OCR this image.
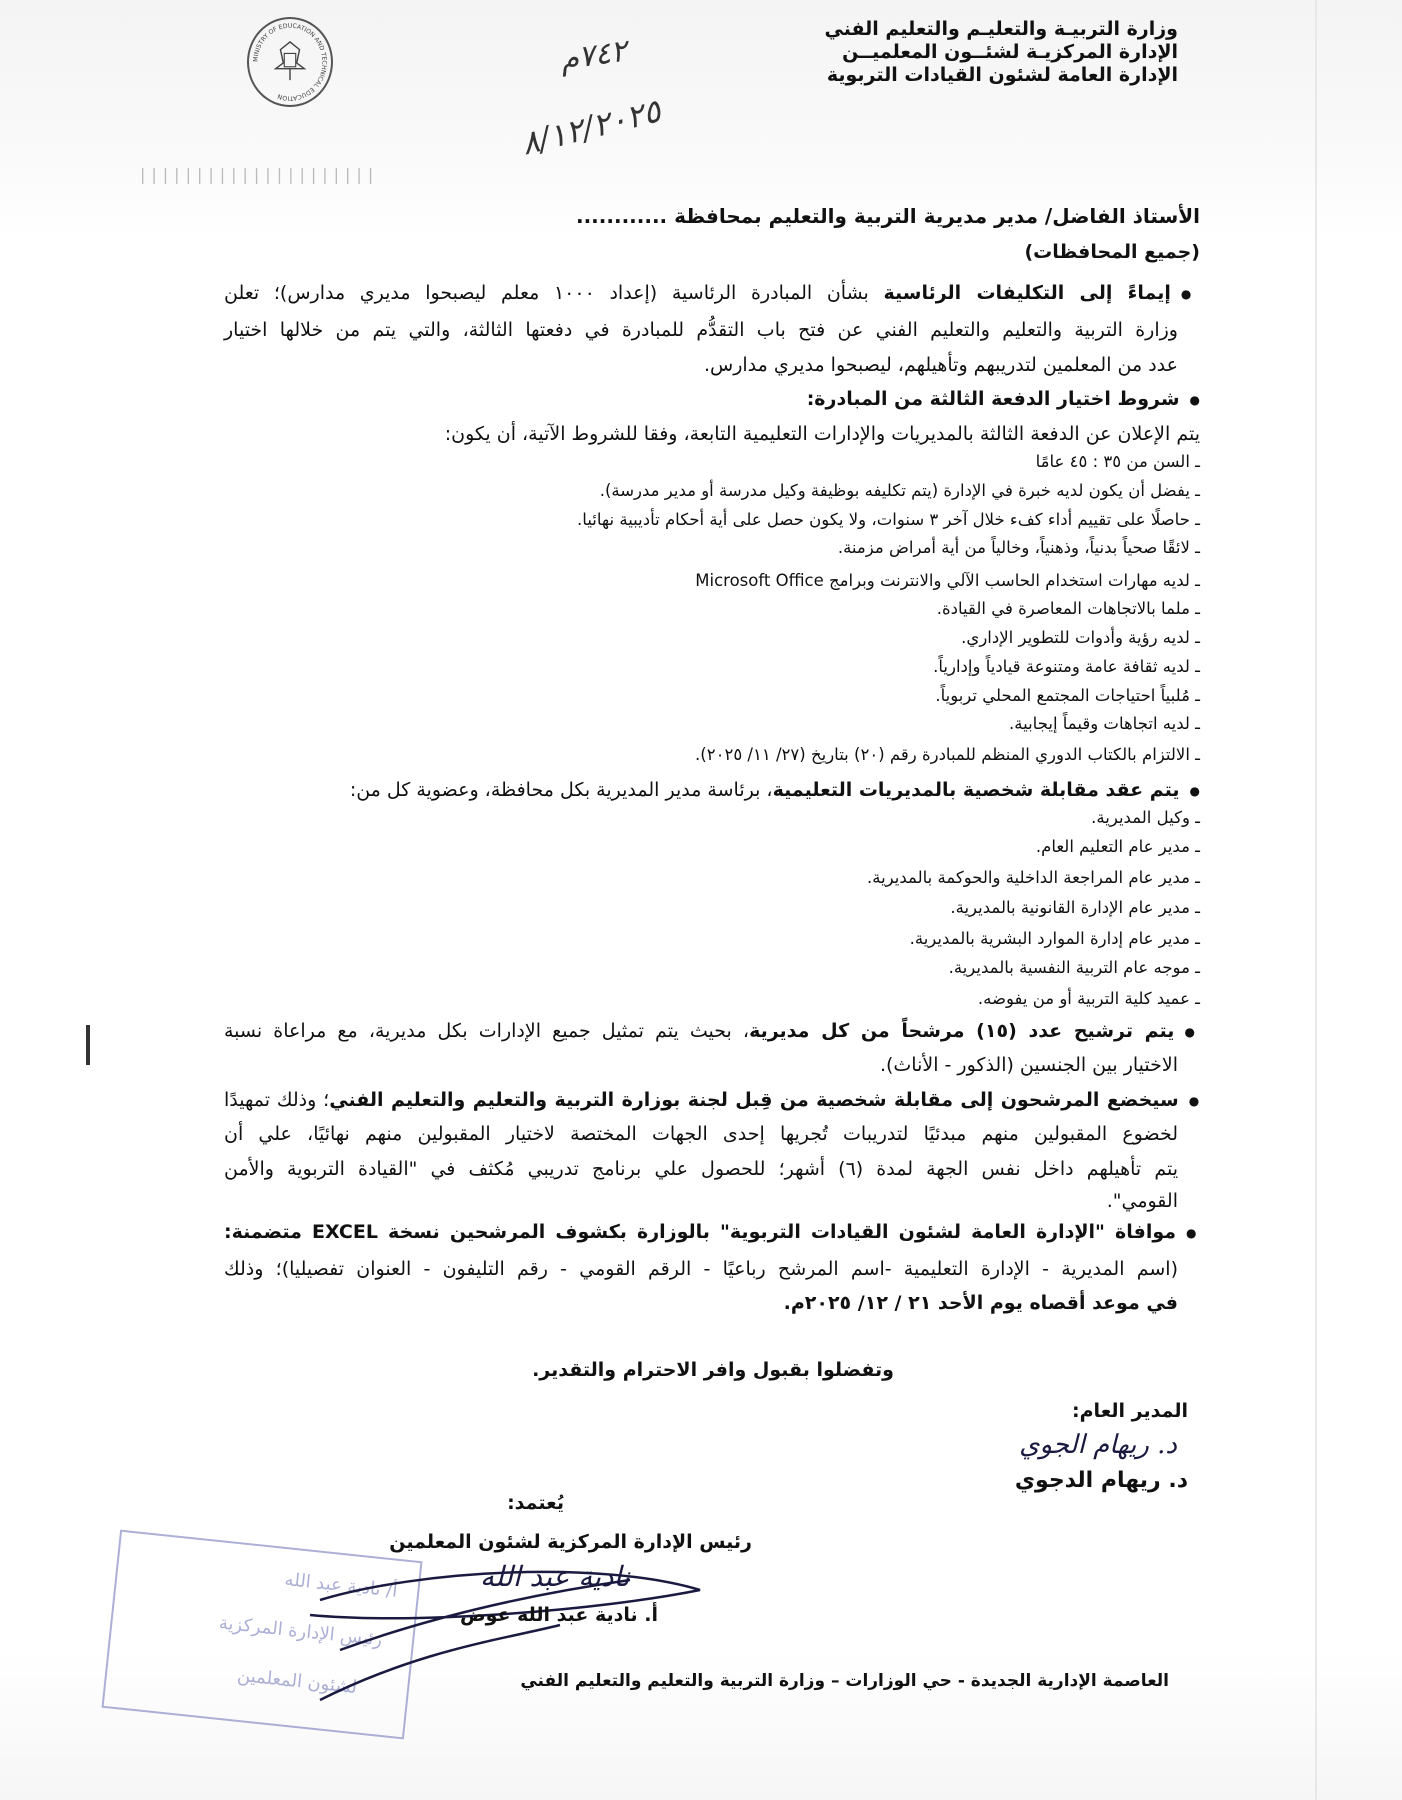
وزارة التربيـة والتعليـم والتعليم الفني
الإدارة المركزيـة لشئــون المعلميــن
الإدارة العامة لشئون القيادات التربوية
MINISTRY OF EDUCATION AND TECHNICAL EDUCATION
٧٤٢م
٨/١٢/٢٠٢٥
|||||||||||||||||||||
الأستاذ الفاضل/ مدير مديرية التربية والتعليم بمحافظة ............
(جميع المحافظات)
● إيماءً إلى التكليفات الرئاسية بشأن المبادرة الرئاسية (إعداد ١٠٠٠ معلم ليصبحوا مديري مدارس)؛ تعلن
وزارة التربية والتعليم والتعليم الفني عن فتح باب التقدُّم للمبادرة في دفعتها الثالثة، والتي يتم من خلالها اختيار
عدد من المعلمين لتدريبهم وتأهيلهم، ليصبحوا مديري مدارس.
● شروط اختيار الدفعة الثالثة من المبادرة:
يتم الإعلان عن الدفعة الثالثة بالمديريات والإدارات التعليمية التابعة، وفقا للشروط الآتية، أن يكون:
ـ السن من ٣٥ : ٤٥ عامًا
ـ يفضل أن يكون لديه خبرة في الإدارة (يتم تكليفه بوظيفة وكيل مدرسة أو مدير مدرسة).
ـ حاصلًا على تقييم أداء كفء خلال آخر ٣ سنوات، ولا يكون حصل على أية أحكام تأديبية نهائيا.
ـ لائقًا صحياً بدنياً، وذهنياً، وخالياً من أية أمراض مزمنة.
ـ لديه مهارات استخدام الحاسب الآلي والانترنت وبرامج Microsoft Office
ـ ملما بالاتجاهات المعاصرة في القيادة.
ـ لديه رؤية وأدوات للتطوير الإداري.
ـ لديه ثقافة عامة ومتنوعة قيادياً وإدارياً.
ـ مُلبياً احتياجات المجتمع المحلي تربوياً.
ـ لديه اتجاهات وقيماً إيجابية.
ـ الالتزام بالكتاب الدوري المنظم للمبادرة رقم (٢٠) بتاريخ (٢٧/ ١١/ ٢٠٢٥).
● يتم عقد مقابلة شخصية بالمديريات التعليمية، برئاسة مدير المديرية بكل محافظة، وعضوية كل من:
ـ وكيل المديرية.
ـ مدير عام التعليم العام.
ـ مدير عام المراجعة الداخلية والحوكمة بالمديرية.
ـ مدير عام الإدارة القانونية بالمديرية.
ـ مدير عام إدارة الموارد البشرية بالمديرية.
ـ موجه عام التربية النفسية بالمديرية.
ـ عميد كلية التربية أو من يفوضه.
● يتم ترشيح عدد (١٥) مرشحاً من كل مديرية، بحيث يتم تمثيل جميع الإدارات بكل مديرية، مع مراعاة نسبة
الاختيار بين الجنسين (الذكور - الأناث).
● سيخضع المرشحون إلى مقابلة شخصية من قِبل لجنة بوزارة التربية والتعليم والتعليم الفني؛ وذلك تمهيدًا
لخضوع المقبولين منهم مبدئيًا لتدريبات تُجريها إحدى الجهات المختصة لاختيار المقبولين منهم نهائيًا، علي أن
يتم تأهيلهم داخل نفس الجهة لمدة (٦) أشهر؛ للحصول علي برنامج تدريبي مُكثف في "القيادة التربوية والأمن
القومي".
● موافاة "الإدارة العامة لشئون القيادات التربوية" بالوزارة بكشوف المرشحين نسخة EXCEL متضمنة:
(اسم المديرية - الإدارة التعليمية -اسم المرشح رباعيًا - الرقم القومي - رقم التليفون - العنوان تفصيليا)؛ وذلك
في موعد أقصاه يوم الأحد ٢١ / ١٢/ ٢٠٢٥م.
وتفضلوا بقبول وافر الاحترام والتقدير.
المدير العام:
د. ريهام الجوي
د. ريهام الدجوي
أ/ نادية عبد الله
رئيس الإدارة المركزية
لشئون المعلمين
يُعتمد:
رئيس الإدارة المركزية لشئون المعلمين
نادية عبد الله
أ. نادية عبد الله عوض
العاصمة الإدارية الجديدة - حي الوزارات – وزارة التربية والتعليم والتعليم الفني
